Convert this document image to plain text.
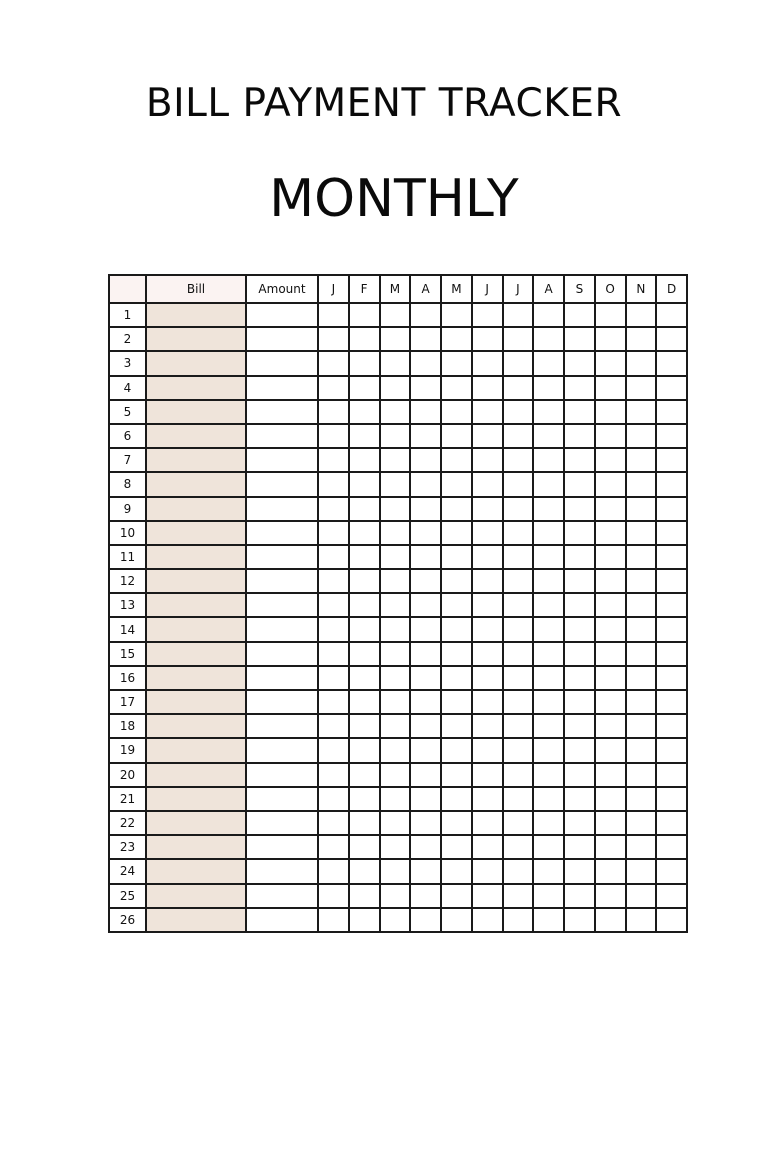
BILL PAYMENT TRACKER
MONTHLY
	Bill	Amount	J	F	M	A	M	J	J	A	S	O	N	D
1														
2														
3														
4														
5														
6														
7														
8														
9														
10														
11														
12														
13														
14														
15														
16														
17														
18														
19														
20														
21														
22														
23														
24														
25														
26														
